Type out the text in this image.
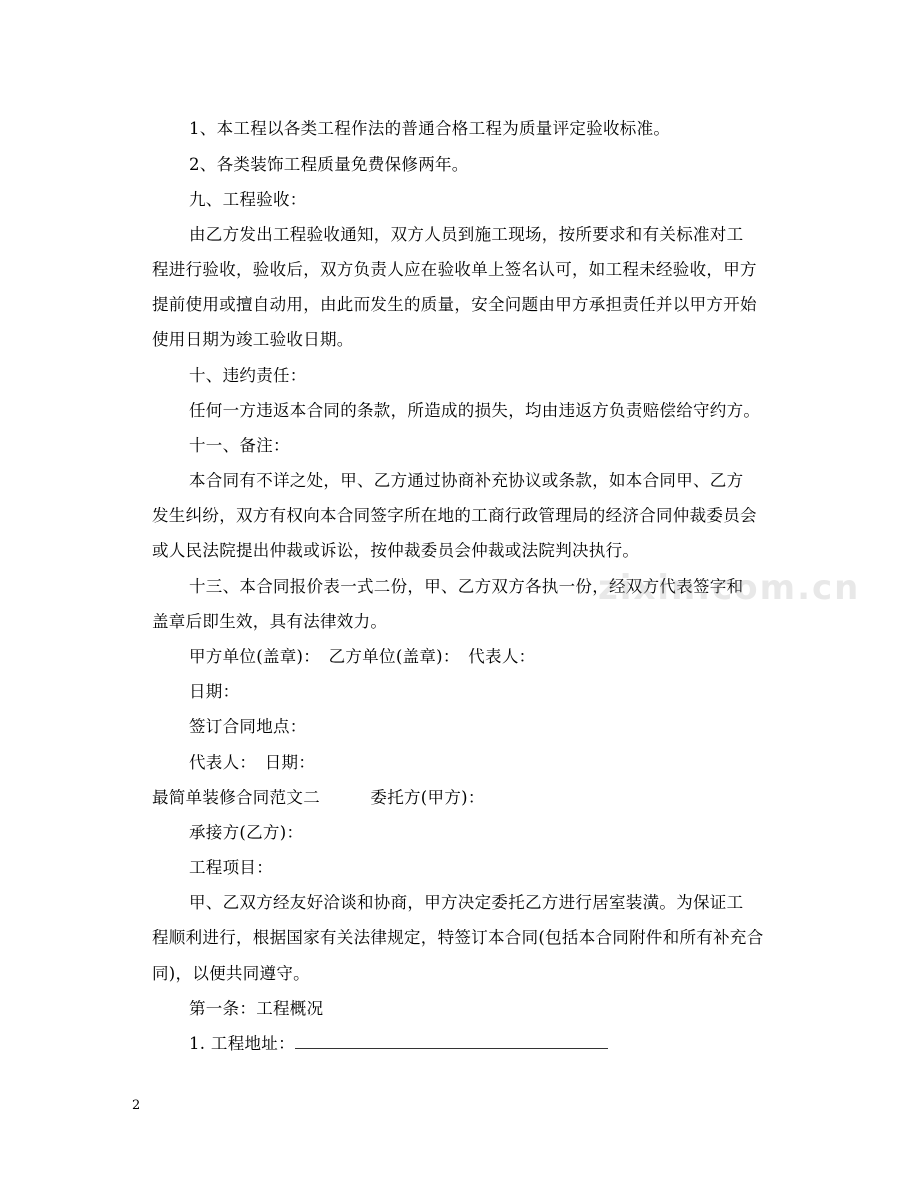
1、本工程以各类工程作法的普通合格工程为质量评定验收标准。
2、各类装饰工程质量免费保修两年。
九、工程验收：
由乙方发出工程验收通知，双方人员到施工现场，按所要求和有关标准对工
程进行验收，验收后，双方负责人应在验收单上签名认可，如工程未经验收，甲方
提前使用或擅自动用，由此而发生的质量，安全问题由甲方承担责任并以甲方开始
使用日期为竣工验收日期。
十、违约责任：
任何一方违返本合同的条款，所造成的损失，均由违返方负责赔偿给守约方。
十一、备注：
本合同有不详之处，甲、乙方通过协商补充协议或条款，如本合同甲、乙方
发生纠纷，双方有权向本合同签字所在地的工商行政管理局的经济合同仲裁委员会
或人民法院提出仲裁或诉讼，按仲裁委员会仲裁或法院判决执行。
十三、本合同报价表一式二份，甲、乙方双方各执一份，经双方代表签字和
盖章后即生效，具有法律效力。
甲方单位(盖章)：　乙方单位(盖章)：　代表人：
日期：
签订合同地点：
代表人：　日期：
最简单装修合同范文二　　　委托方(甲方)：
承接方(乙方)：
工程项目：
甲、乙双方经友好洽谈和协商，甲方决定委托乙方进行居室装潢。为保证工
程顺利进行，根据国家有关法律规定，特签订本合同(包括本合同附件和所有补充合
同)，以便共同遵守。
第一条：工程概况
1. 工程地址：
zixin.com.cn
2
